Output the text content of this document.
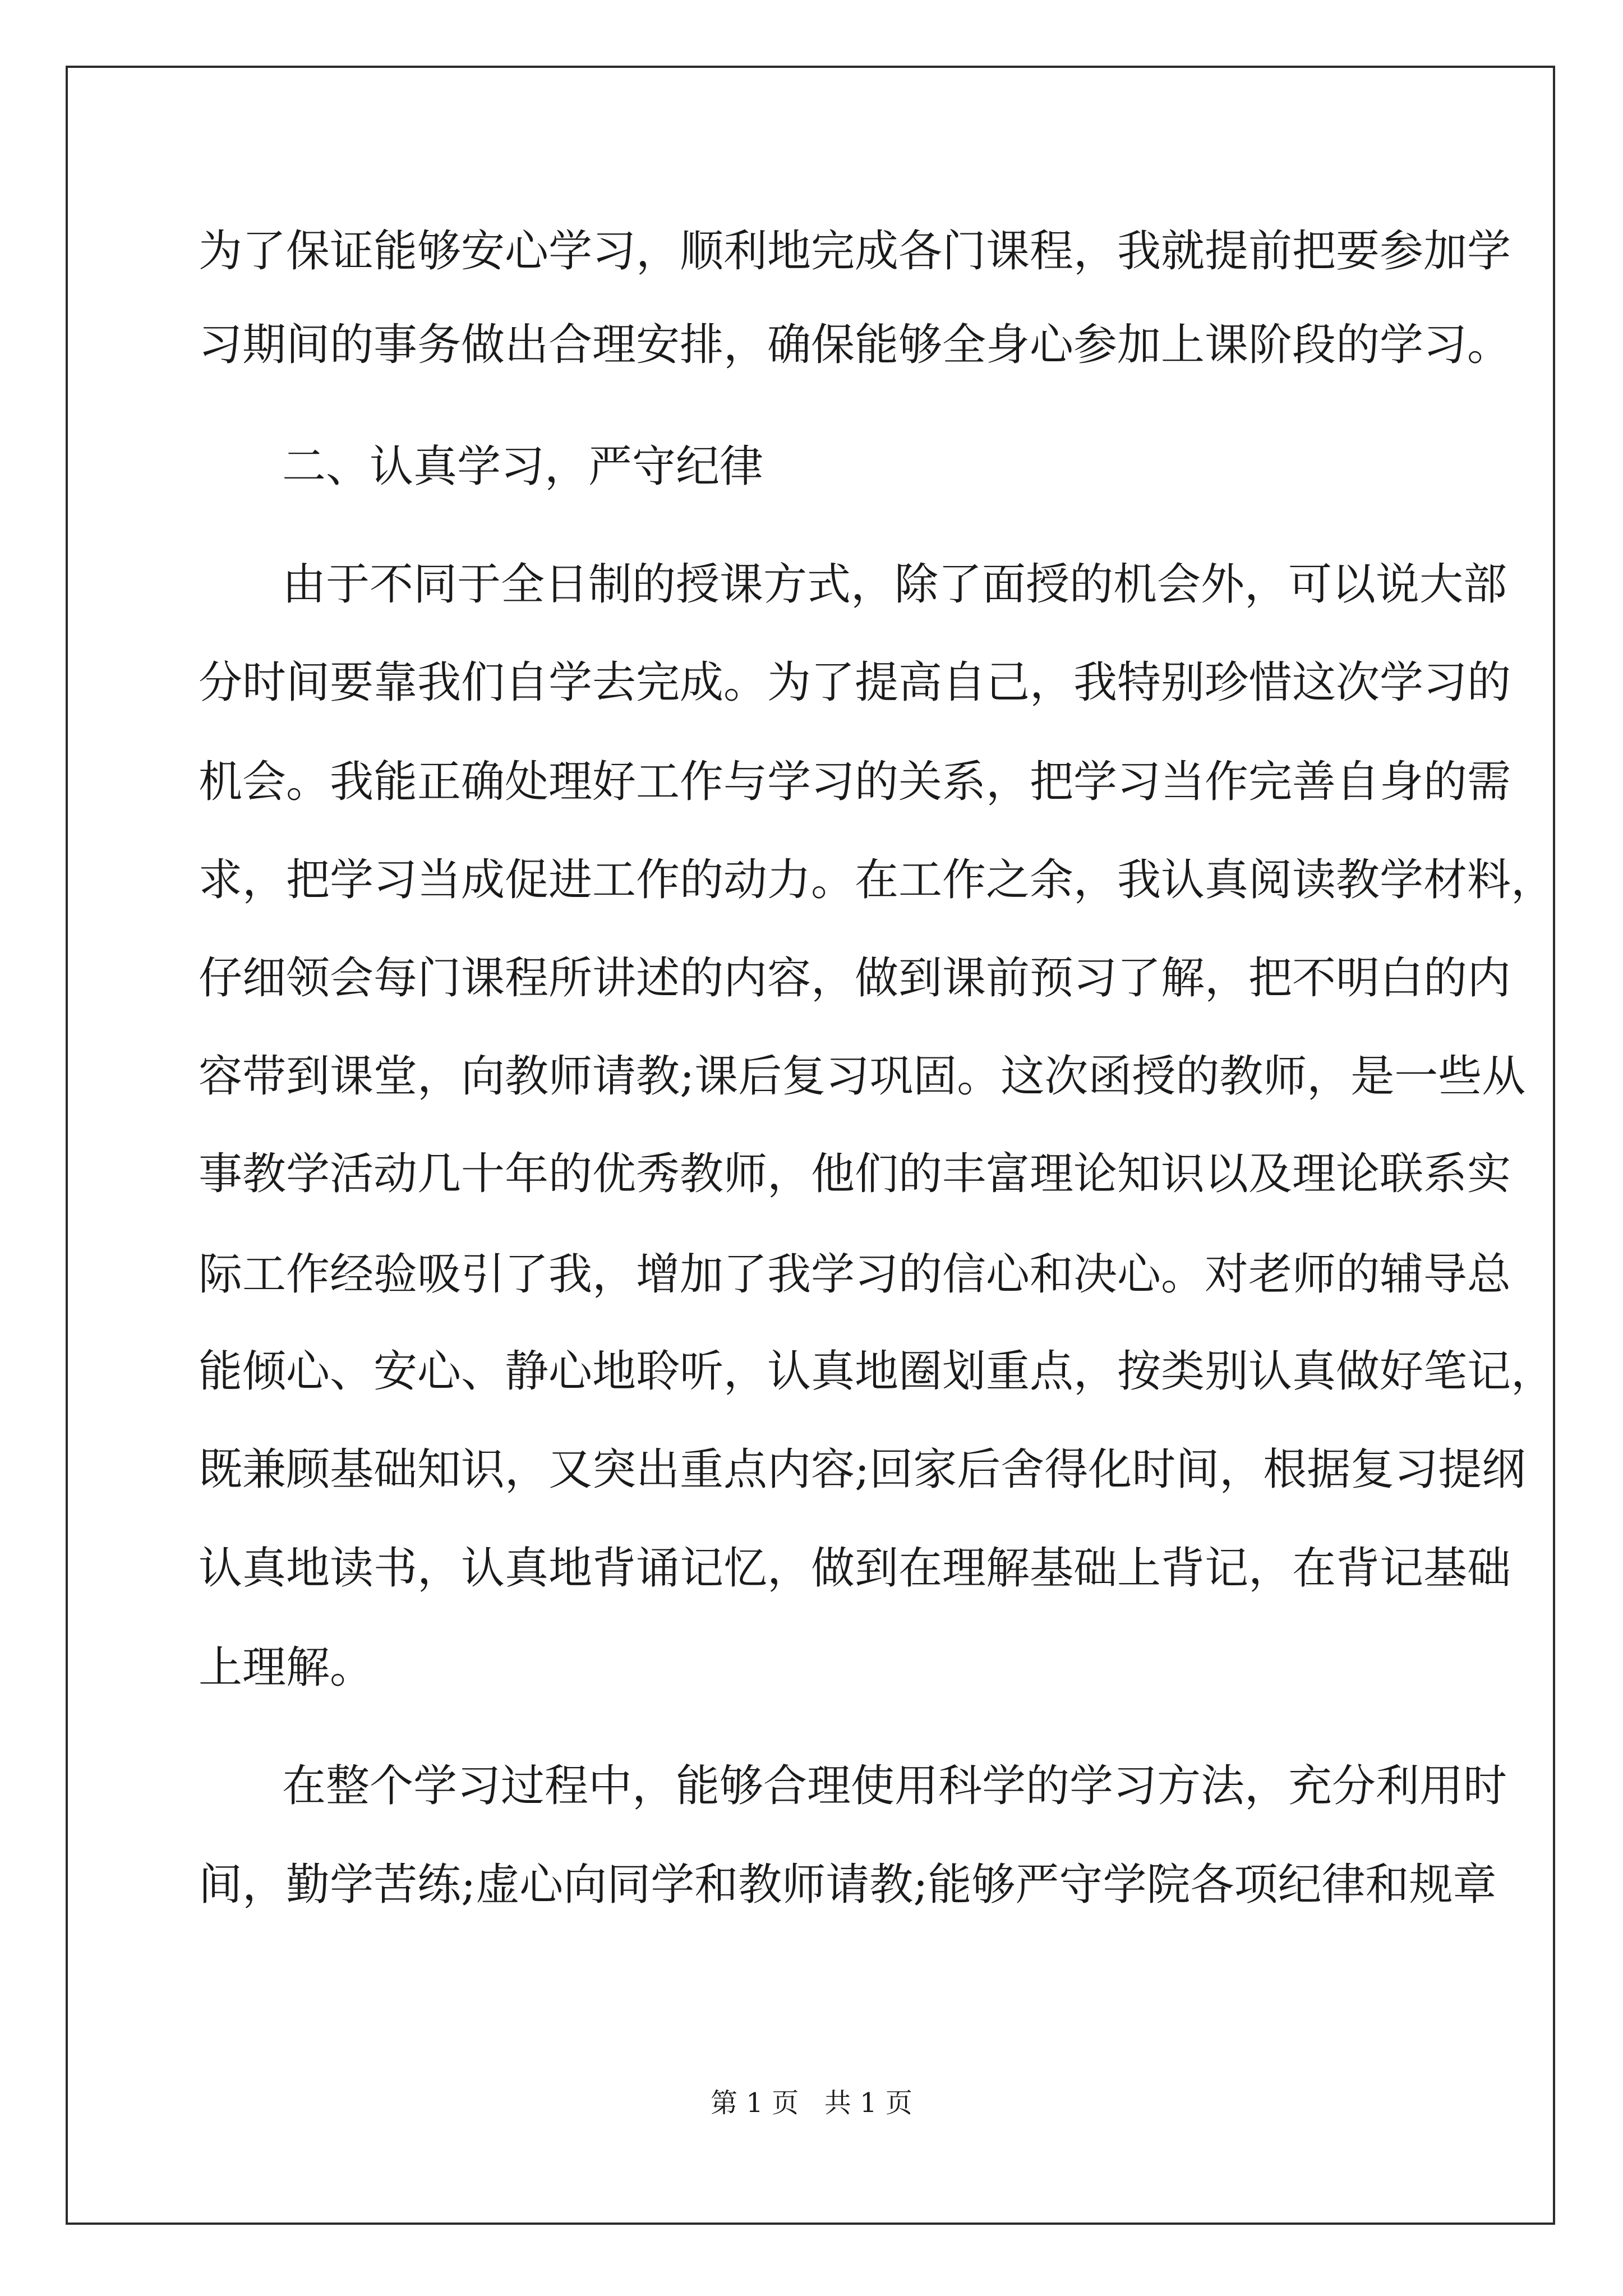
为了保证能够安心学习，顺利地完成各门课程，我就提前把要参加学
习期间的事务做出合理安排，确保能够全身心参加上课阶段的学习。
二、认真学习，严守纪律
由于不同于全日制的授课方式，除了面授的机会外，可以说大部
分时间要靠我们自学去完成。为了提高自己，我特别珍惜这次学习的
机会。我能正确处理好工作与学习的关系，把学习当作完善自身的需
求，把学习当成促进工作的动力。在工作之余，我认真阅读教学材料，
仔细领会每门课程所讲述的内容，做到课前预习了解，把不明白的内
容带到课堂，向教师请教;课后复习巩固。这次函授的教师，是一些从
事教学活动几十年的优秀教师，他们的丰富理论知识以及理论联系实
际工作经验吸引了我，增加了我学习的信心和决心。对老师的辅导总
能倾心、安心、静心地聆听，认真地圈划重点，按类别认真做好笔记，
既兼顾基础知识，又突出重点内容;回家后舍得化时间，根据复习提纲
认真地读书，认真地背诵记忆，做到在理解基础上背记，在背记基础
上理解。
在整个学习过程中，能够合理使用科学的学习方法，充分利用时
间，勤学苦练;虚心向同学和教师请教;能够严守学院各项纪律和规章
第 1 页   共 1 页
